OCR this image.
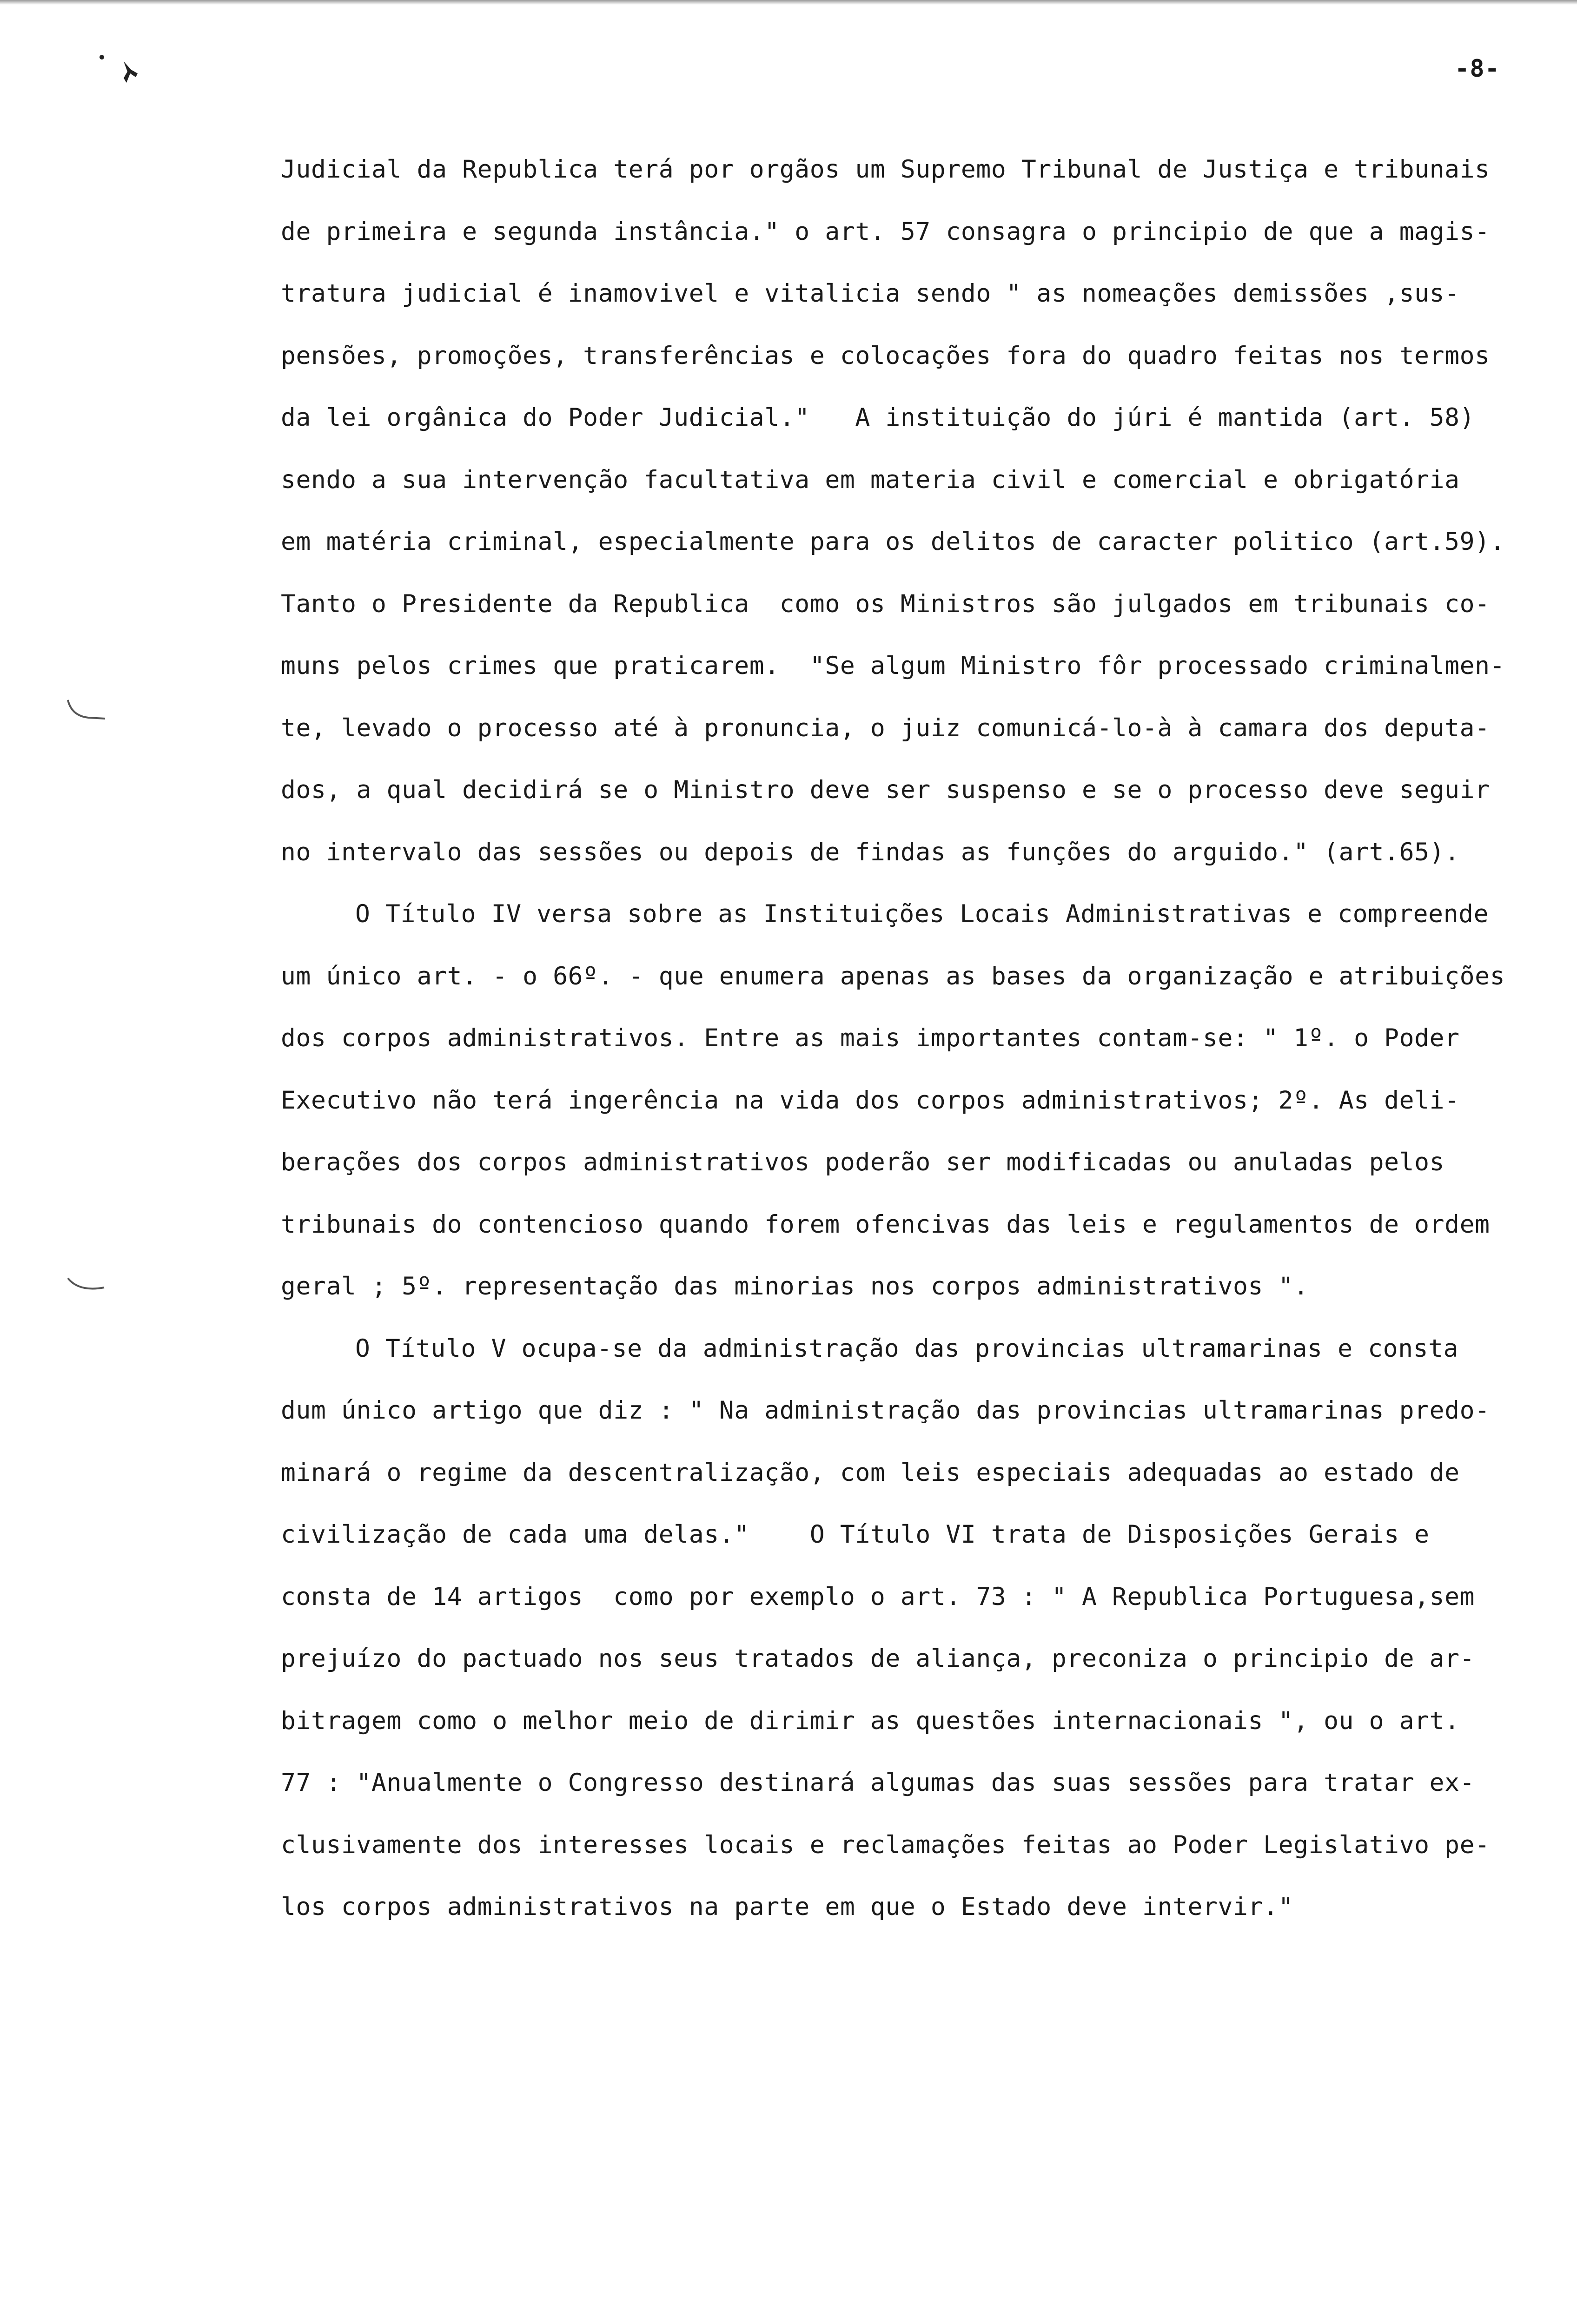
-8-
Judicial da Republica terá por orgãos um Supremo Tribunal de Justiça e tribunais
de primeira e segunda instância." o art. 57 consagra o principio de que a magis-
tratura judicial é inamovivel e vitalicia sendo " as nomeações demissões ,sus-
pensões, promoções, transferências e colocações fora do quadro feitas nos termos
da lei orgânica do Poder Judicial."   A instituição do júri é mantida (art. 58)
sendo a sua intervenção facultativa em materia civil e comercial e obrigatória
em matéria criminal, especialmente para os delitos de caracter politico (art.59).
Tanto o Presidente da Republica  como os Ministros são julgados em tribunais co-
muns pelos crimes que praticarem.  "Se algum Ministro fôr processado criminalmen-
te, levado o processo até à pronuncia, o juiz comunicá-lo-à à camara dos deputa-
dos, a qual decidirá se o Ministro deve ser suspenso e se o processo deve seguir
no intervalo das sessões ou depois de findas as funções do arguido." (art.65).
O Título IV versa sobre as Instituições Locais Administrativas e compreende
um único art. - o 66º. - que enumera apenas as bases da organização e atribuições
dos corpos administrativos. Entre as mais importantes contam-se: " 1º. o Poder
Executivo não terá ingerência na vida dos corpos administrativos; 2º. As deli-
berações dos corpos administrativos poderão ser modificadas ou anuladas pelos
tribunais do contencioso quando forem ofencivas das leis e regulamentos de ordem
geral ; 5º. representação das minorias nos corpos administrativos ".
O Título V ocupa-se da administração das provincias ultramarinas e consta
dum único artigo que diz : " Na administração das provincias ultramarinas predo-
minará o regime da descentralização, com leis especiais adequadas ao estado de
civilização de cada uma delas."    O Título VI trata de Disposições Gerais e
consta de 14 artigos  como por exemplo o art. 73 : " A Republica Portuguesa,sem
prejuízo do pactuado nos seus tratados de aliança, preconiza o principio de ar-
bitragem como o melhor meio de dirimir as questões internacionais ", ou o art.
77 : "Anualmente o Congresso destinará algumas das suas sessões para tratar ex-
clusivamente dos interesses locais e reclamações feitas ao Poder Legislativo pe-
los corpos administrativos na parte em que o Estado deve intervir."
